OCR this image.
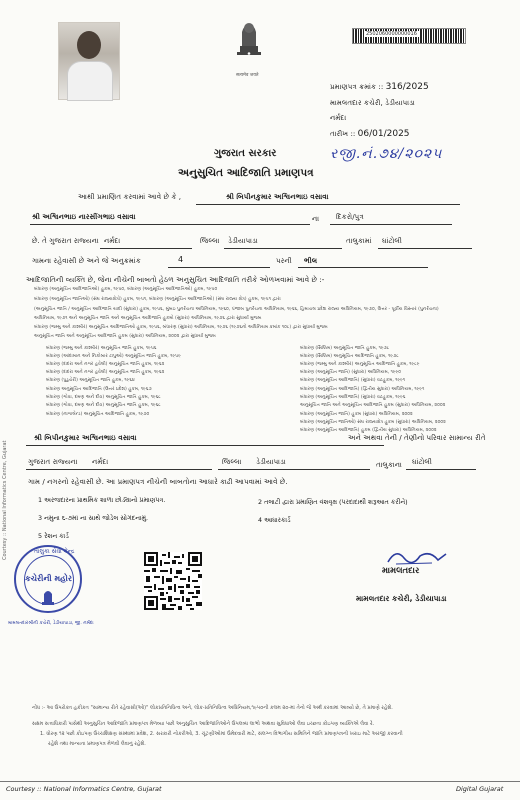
सत्यमेव जयते
2502060000000016
પ્રમાણપત્ર ક્રમાંક :: 316/2025
મામલતદાર કચેરી, ડેડીયાપાડા
નર્મદા
તારીખ :: 06/01/2025
રજી.નં.૭૪/૨૦૨૫
ગુજરાત સરકાર
અનુસુચિત આદિજાતિ પ્રમાણપત્ર
આથી પ્રમાણિત કરવામાં આવે છે કે ,	શ્રી બિપીનકુમાર અશ્વિનભાઇ વસાવા
શ્રી અશ્વિનભાઇ નારસીંગભાઇ વસાવા	ના દિકરો/પુત્ર
છે. તે ગુજરાત રાજ્યના નર્મદા	જિલ્લા ડેડીયાપાડા	તાલુકામાં ઘાંટોલી
ગામના રહેવાસી છે અને જે અનુક્રમાંક	4	પરની ભીલ
આદિજાતિની વ્યક્તિ છે, જેના નીચેની બાબતો હેઠળ અનુસુચિત આદિજાતિ તરીકે ઓળખવામાં આવે છે :-
બંધારણ (અનુસૂચિત આદિજાતિઓ) હુકમ, ૧૯૫૦, બંધારણ (અનુસૂચિત આદિજાતિઓ) હુકમ, ૧૯૫૦
બંધારણ (અનુસૂચિત જાતિઓ) (સંઘ રાજ્યક્ષેત્રો) હુકમ, ૧૯૫૧, બંધારણ (અનુસૂચિત આદિજાતિઓ) (સંઘ રાજ્ય ક્ષેત્ર) હુકમ, ૧૯૫૧ દ્વારા
(અનુસૂચિત જાતિ / અનુસૂચિત આદિજાતિ યાદી (સુધારા) હુકમ, ૧૯૫૬, મુંબઇ પુનર્રચના અધિનિયમ, ૧૯૬૦, પંજાબ પુનર્રચના અધિનિયમ, ૧૯૬૬, હિમાચલ પ્રદેશ રાજ્ય અધિનિયમ, ૧૯૭૦, ઉત્તર - પૂર્વીય વિસ્તાર (પુનર્રચના)
અધિનિયમ, ૧૯૭૧ અને અનુસૂચિત જાતિ અને અનુસૂચિત આદિજાતિ હુકમો (સુધારા) અધિનિયમ, ૧૯૭૬ દ્વારા સુધાર્યા મુજબ
બંધારણ (જમ્મુ અને કાશ્મીર) અનુસૂચિત આદિજાતિઓ હુકમ, ૧૯૫૬, બંધારણ (સુધારા) અધિનિયમ, ૧૯૭૬ (૧૯૭૬નો અધિનિયમ ક્રમાંક ૧૦૮) દ્વારા સુધાર્યા મુજબ
અનુસૂચિત જાતિ અને અનુસૂચિત આદિજાતિ હુકમ (સુધારા) અધિનિયમ, ૨૦૦૨ દ્વારા સુધાર્યા મુજબ
બંધારણ (જમ્મુ અને કાશ્મીર) અનુસૂચિત જાતિ હુકમ, ૧૯૫૬
બંધારણ (આંદામાન અને નિકોબાર ટાપુઓ) અનુસૂચિત જાતિ હુકમ, ૧૯૫૯
બંધારણ (દાદરા અને નગર હવેલી) અનુસૂચિત જાતિ હુકમ, ૧૯૬૨
બંધારણ (દાદરા અને નગર હવેલી) અનુસૂચિત જાતિ હુકમ, ૧૯૬૨
બંધારણ (પુડુચેરી) અનુસૂચિત જાતિ હુકમ, ૧૯૬૪
બંધારણ અનુસૂચિત આદિજાતિ (ઉત્તર પ્રદેશ) હુકમ, ૧૯૬૭
બંધારણ (ગોવા, દમણ અને દીવ) અનુસૂચિત જાતિ હુકમ, ૧૯૬૮
બંધારણ (ગોવા, દમણ અને દીવ) અનુસૂચિત જાતિ હુકમ, ૧૯૬૮
બંધારણ (નાગાલેન્ડ) અનુસૂચિત આદિજાતિ હુકમ, ૧૯૭૦
બંધારણ (સિક્કિમ) અનુસૂચિત જાતિ હુકમ, ૧૯૭૮
બંધારણ (સિક્કિમ) અનુસૂચિત આદિજાતિ હુકમ, ૧૯૭૮
બંધારણ (જમ્મુ અને કાશ્મીર) અનુસૂચિત આદિજાતિ હુકમ, ૧૯૮૯
બંધારણ (અનુસૂચિત જાતિ) (સુધારા) અધિનિયમ, ૧૯૯૦
બંધારણ (અનુસૂચિત આદિજાતિ) (સુધારા) વટહુકમ, ૧૯૯૧
બંધારણ (અનુસૂચિત આદિજાતિ) (દ્વિતીય સુધારા) અધિનિયમ, ૧૯૯૧
બંધારણ (અનુસૂચિત આદિજાતિ) (સુધારા) વટહુકમ, ૧૯૯૬
અનુસૂચિત જાતિ અને અનુસૂચિત આદિજાતિ હુકમ (સુધારા) અધિનિયમ, ૨૦૦૨
બંધારણ (અનુસૂચિત જાતિ) હુકમ (સુધારા) અધિનિયમ, ૨૦૦૨
બંધારણ (અનુસૂચિત જાતિઓ) સંઘ રાજ્યક્ષેત્ર હુકમ (સુધારા) અધિનિયમ, ૨૦૦૨
બંધારણ (અનુસૂચિત આદિજાતિ) હુકમ (દ્વિતીય સુધારા) અધિનિયમ, ૨૦૦૨
શ્રી બિપીનકુમાર અશ્વિનભાઇ વસાવા	અને અથવા તેની / તેણીનો પરિવાર સામાન્ય રીતે
ગુજરાત રાજ્યના નર્મદા	જિલ્લા ડેડીયાપાડા	તાલુકાના ઘાંટોલી
ગામ / નગરનો રહેવાસી છે. આ પ્રમાણપત્ર નીચેની બાબતોના આધારે કાઢી આપવામાં આવે છે.
1 અરજદારના પ્રાથમિક શાળા છોડ્યાનો પ્રમાણપત્ર.	2 તલાટી દ્વારા પ્રમાણિત વંશવૃક્ષ (પરદાદાથી શરૂઆત કરીને)
3 નમુના ૬-૭માં ના સાથે જોડેલ સોગંદનામું.	4 આધારકાર્ડ
5 રેશન કાર્ડ
તાલુકા સેવા કેન્દ્ર
કચેરીની મહોર
મામલતદારશ્રીની કચેરી, ડેડીયાપાડા, જી. નર્મદા
Courtesy :: National Informatics Centre, Gujarat
મામલતદાર
મામલતદાર કચેરી, ડેડીયાપાડા
નોંધ :- આ ઉપરોક્ત હકીકત "સામાન્ય રીતે રહેવાસી(ઓ)" લોકપ્રતિનિધિત્વ અને, લોક-પ્રતિનિધિત્વ અધિનિયમ,૧૯૫૦ની કલમ ૨૦-માં તેનો જે અર્થ કરવામાં આવ્યો છે, તે પ્રમાણે રહેશે.
સક્ષમ સત્તાધિકારી પાસેથી અનુસુચિત આદિજાતિ પ્રમાણપત્ર મેળવ્યા પછી અનુસુચિત આદિજાતિઓને ઉપલબ્ધ લાભો અથવા સુવિધાઓ લેવા ઇચ્છતા કોઇપણ વ્યક્તિએ લેવા રે.
1. ધોરણ ૧૨ પછી કોઇપણ ઉચ્ચશિક્ષણ સંસ્થામાં પ્રવેશ, 2. સરકારી નોકરીઓ, 3. ચૂંટણીઓમાં ઉમેદવારી માટે, સંલગ્ન વિભાગીય સમિતિને જાતિ પ્રમાણપત્રની ખરાઇ માટે અરજી કરવાની
રહેશે તથા માન્યતા પ્રમાણપત્ર મેળવી લેવાનું રહેશે.
Courtesy :: National Informatics Centre, Gujarat	Digital Gujarat
